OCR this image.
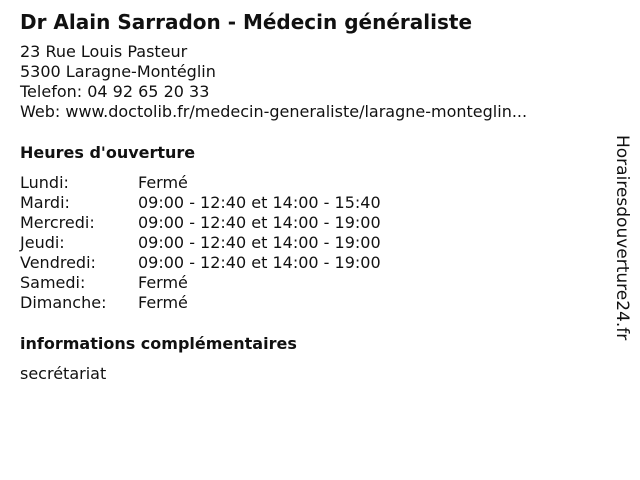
Dr Alain Sarradon - Médecin généraliste
23 Rue Louis Pasteur
5300 Laragne-Montéglin
Telefon: 04 92 65 20 33
Web: www.doctolib.fr/medecin-generaliste/laragne-monteglin...
Heures d'ouverture
Lundi:	Fermé
Mardi:	09:00 - 12:40 et 14:00 - 15:40
Mercredi:	09:00 - 12:40 et 14:00 - 19:00
Jeudi:	09:00 - 12:40 et 14:00 - 19:00
Vendredi:	09:00 - 12:40 et 14:00 - 19:00
Samedi:	Fermé
Dimanche:	Fermé
informations complémentaires
secrétariat
Horairesdouverture24.fr
